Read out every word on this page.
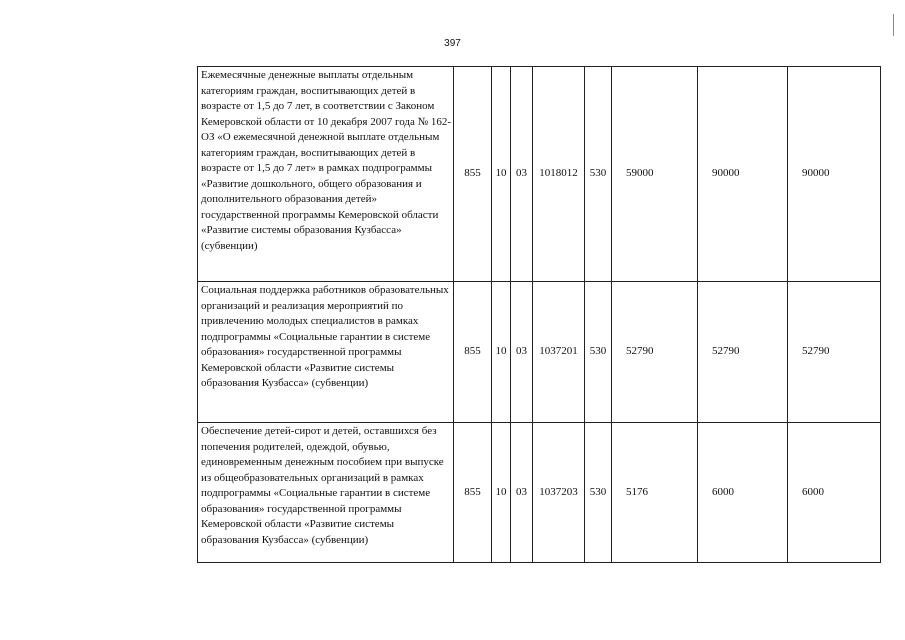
397
Ежемесячные денежные выплаты отдельным категориям граждан, воспитывающих детей в возрасте от 1,5 до 7 лет, в соответствии с Законом Кемеровской области от 10 декабря 2007 года № 162-ОЗ «О ежемесячной денежной выплате отдельным категориям граждан, воспитывающих детей в возрасте от 1,5 до 7 лет» в рамках подпрограммы «Развитие дошкольного, общего образования и дополнительного образования детей» государственной программы Кемеровской области «Развитие системы образования Кузбасса» (субвенции)	855	10	03	1018012	530	59000	90000	90000
Социальная поддержка работников образовательных организаций и реализация мероприятий по привлечению молодых специалистов в рамках подпрограммы «Социальные гарантии в системе образования» государственной программы Кемеровской области «Развитие системы образования Кузбасса» (субвенции)	855	10	03	1037201	530	52790	52790	52790
Обеспечение детей-сирот и детей, оставшихся без попечения родителей, одеждой, обувью, единовременным денежным пособием при выпуске из общеобразовательных организаций в рамках подпрограммы «Социальные гарантии в системе образования» государственной программы Кемеровской области «Развитие системы образования Кузбасса» (субвенции)	855	10	03	1037203	530	5176	6000	6000
